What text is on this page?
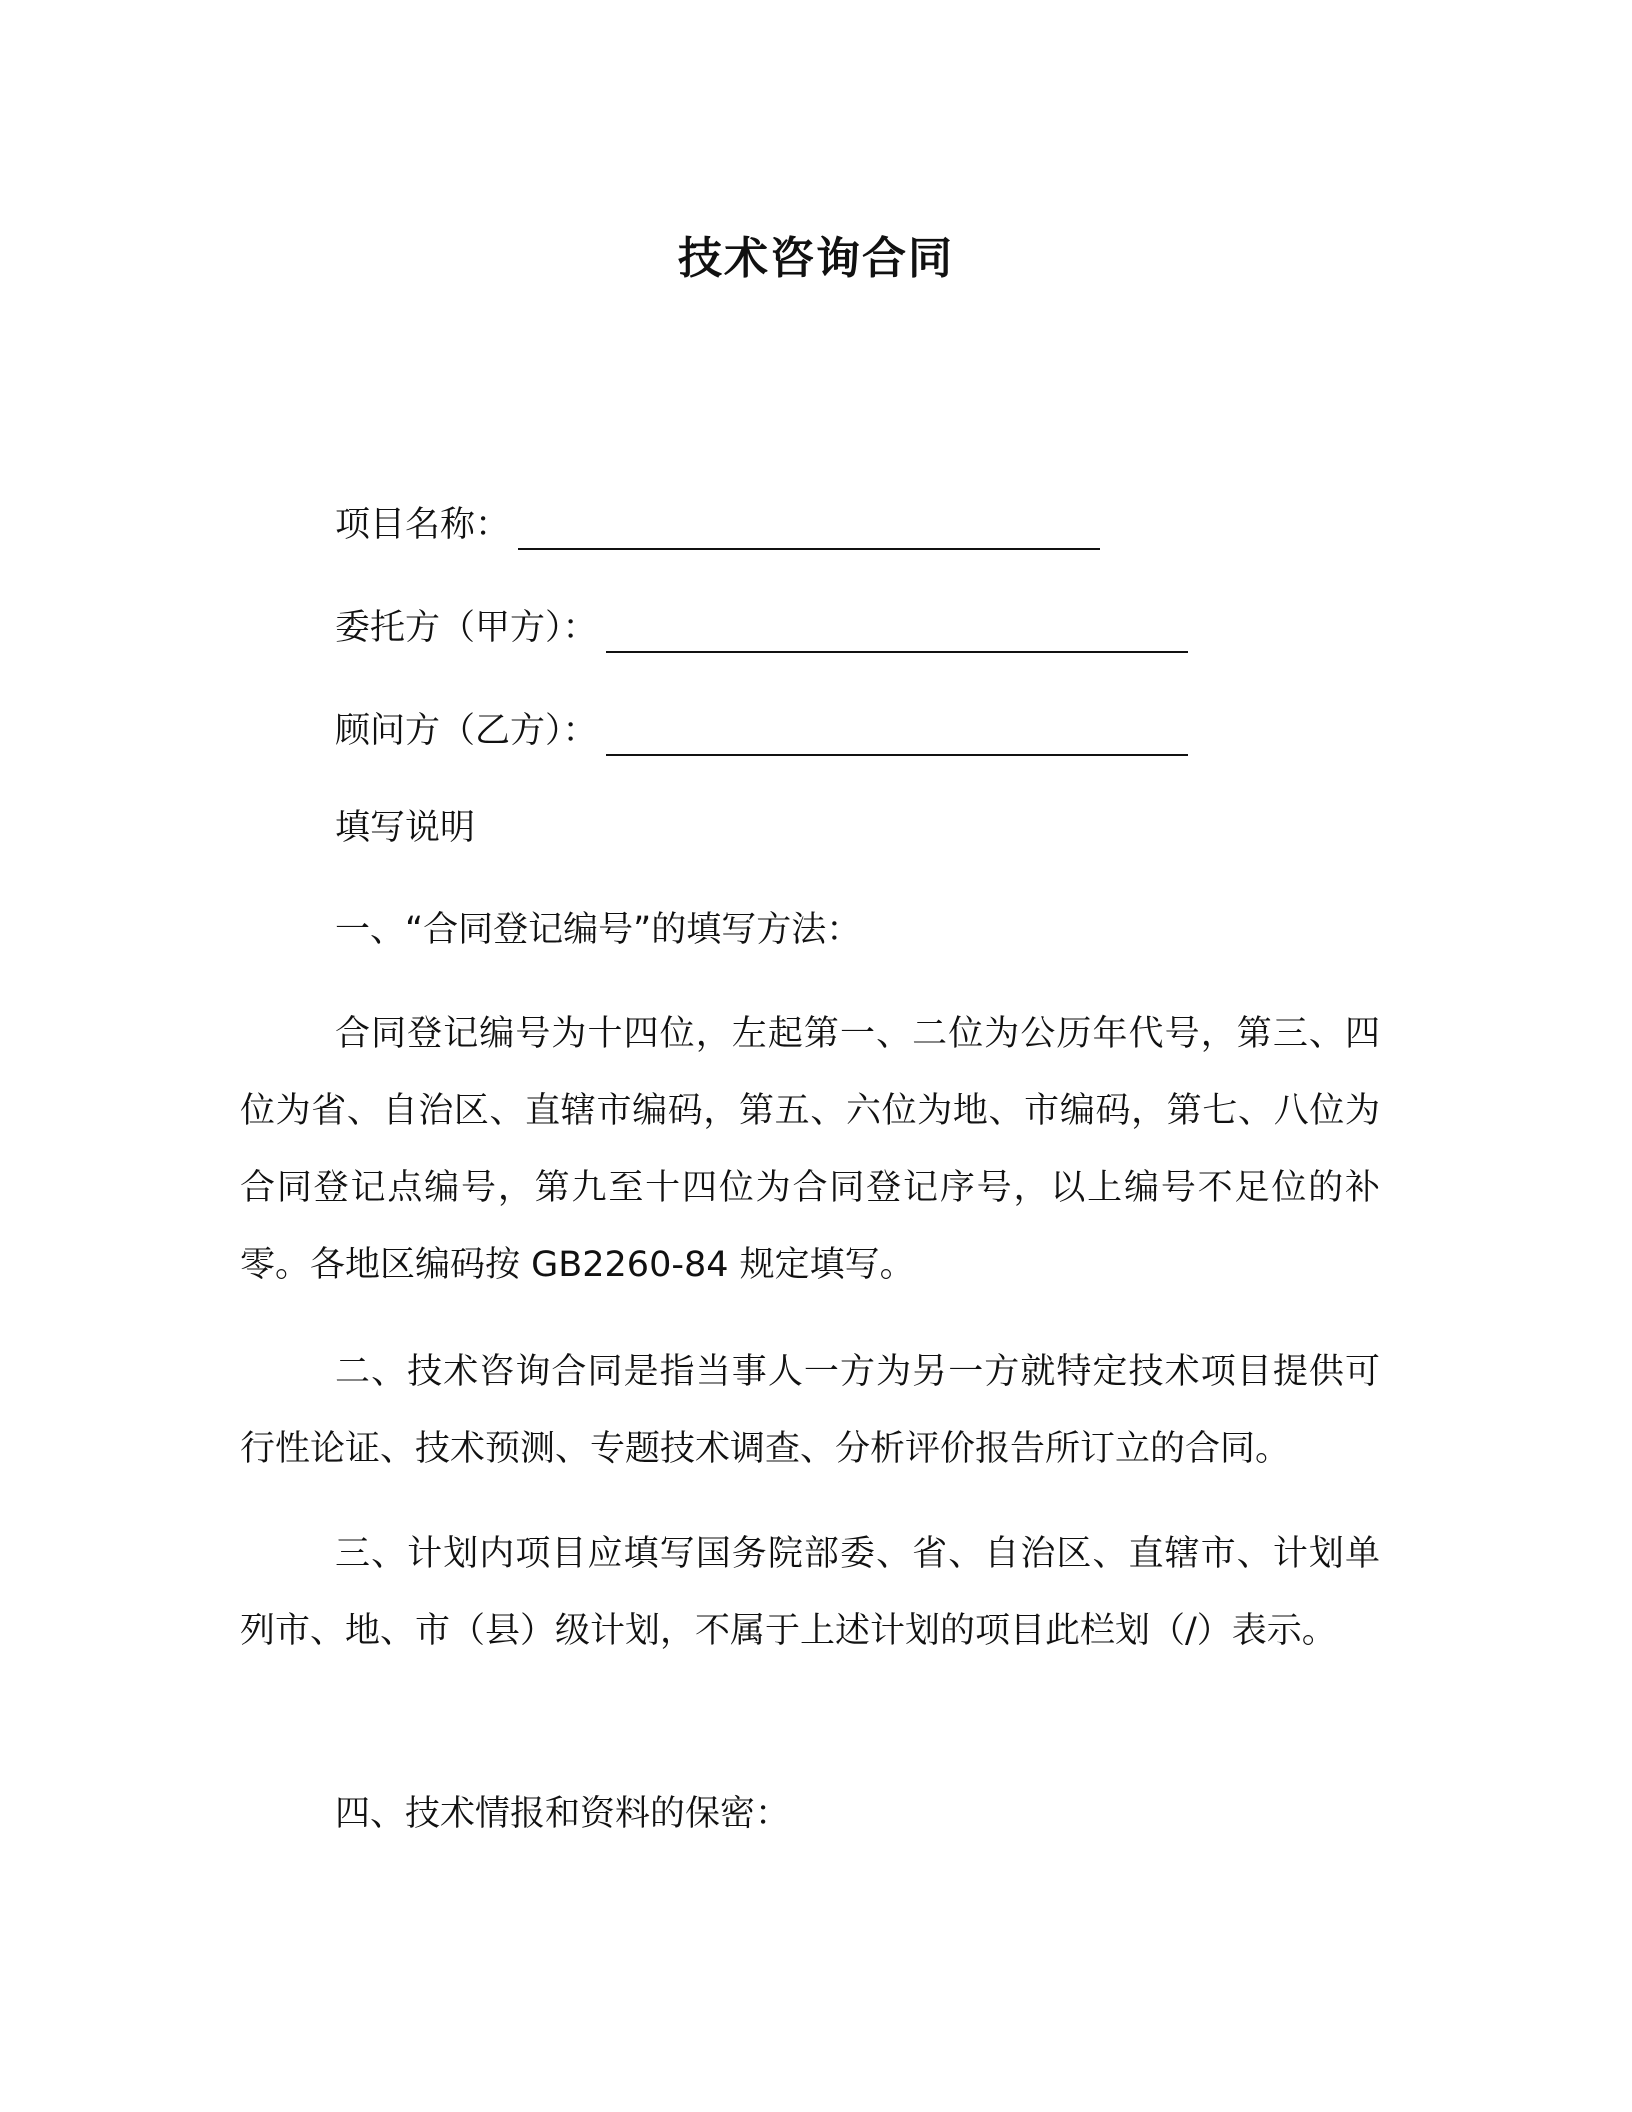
技术咨询合同
项目名称：
委托方（甲方）：
顾问方（乙方）：
填写说明
一、“合同登记编号”的填写方法：
合同登记编号为十四位，左起第一、二位为公历年代号，第三、四位为省、自治区、直辖市编码，第五、六位为地、市编码，第七、八位为合同登记点编号，第九至十四位为合同登记序号，以上编号不足位的补零。各地区编码按 GB2260-84 规定填写。
二、技术咨询合同是指当事人一方为另一方就特定技术项目提供可行性论证、技术预测、专题技术调查、分析评价报告所订立的合同。
三、计划内项目应填写国务院部委、省、自治区、直辖市、计划单列市、地、市（县）级计划，不属于上述计划的项目此栏划（/）表示。
四、技术情报和资料的保密：
